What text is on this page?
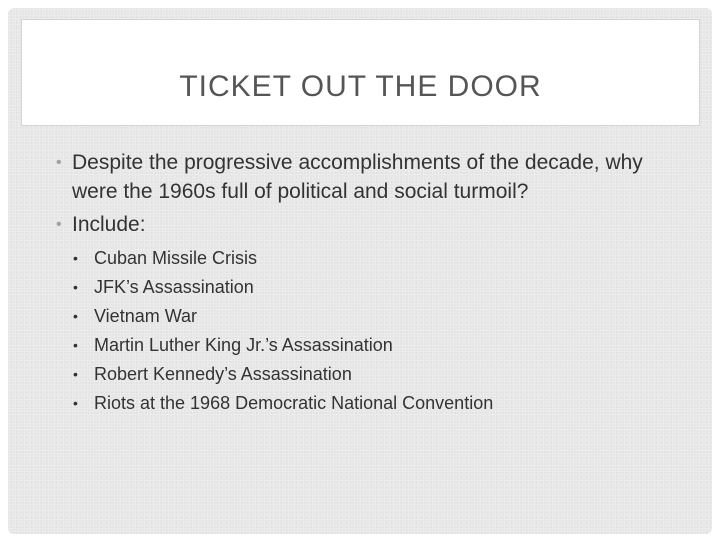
TICKET OUT THE DOOR
• Despite the progressive accomplishments of the decade, why were the 1960s full of political and social turmoil?
• Include:
• Cuban Missile Crisis
• JFK’s Assassination
• Vietnam War
• Martin Luther King Jr.’s Assassination
• Robert Kennedy’s Assassination
• Riots at the 1968 Democratic National Convention
